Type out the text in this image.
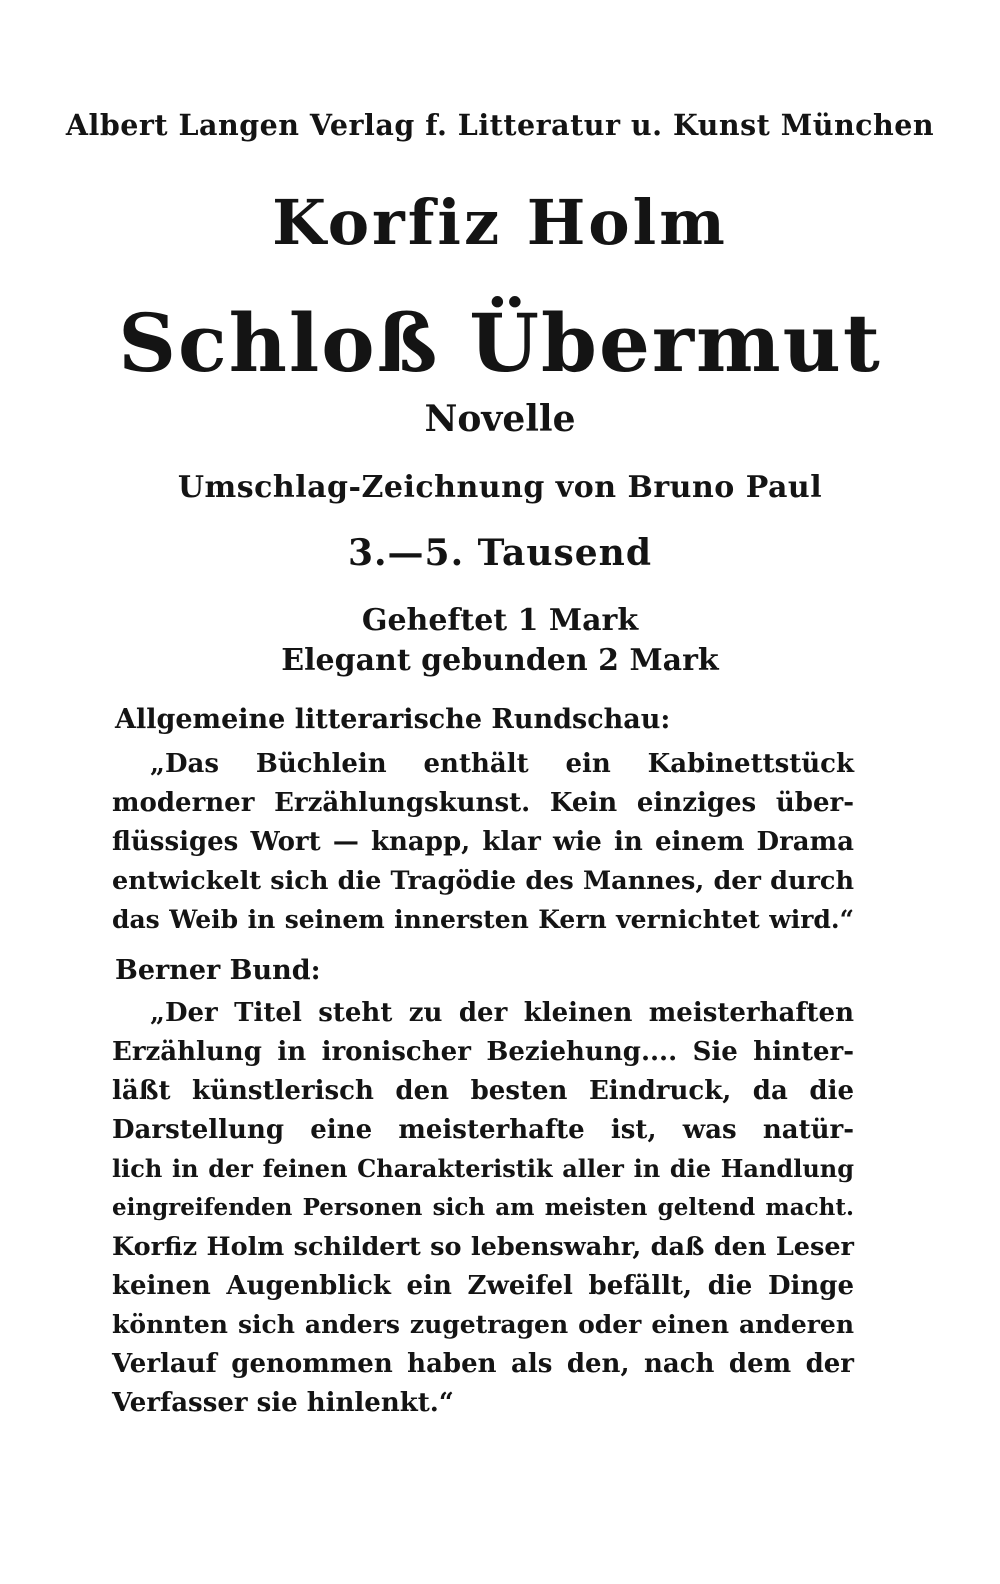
Albert Langen Verlag f. Litteratur u. Kunst München
Korfiz Holm
Schloß Übermut
Novelle
Umschlag-Zeichnung von Bruno Paul
3.—5. Tausend
Geheftet 1 Mark
Elegant gebunden 2 Mark
Allgemeine litterarische Rundschau:
„Das Büchlein enthält ein Kabinettstück
moderner Erzählungskunst. Kein einziges über-
flüssiges Wort — knapp, klar wie in einem Drama
entwickelt sich die Tragödie des Mannes, der durch
das Weib in seinem innersten Kern vernichtet wird.“
Berner Bund:
„Der Titel steht zu der kleinen meisterhaften
Erzählung in ironischer Beziehung.... Sie hinter-
läßt künstlerisch den besten Eindruck, da die
Darstellung eine meisterhafte ist, was natür-
lich in der feinen Charakteristik aller in die Handlung
eingreifenden Personen sich am meisten geltend macht.
Korfiz Holm schildert so lebenswahr, daß den Leser
keinen Augenblick ein Zweifel befällt, die Dinge
könnten sich anders zugetragen oder einen anderen
Verlauf genommen haben als den, nach dem der
Verfasser sie hinlenkt.“
